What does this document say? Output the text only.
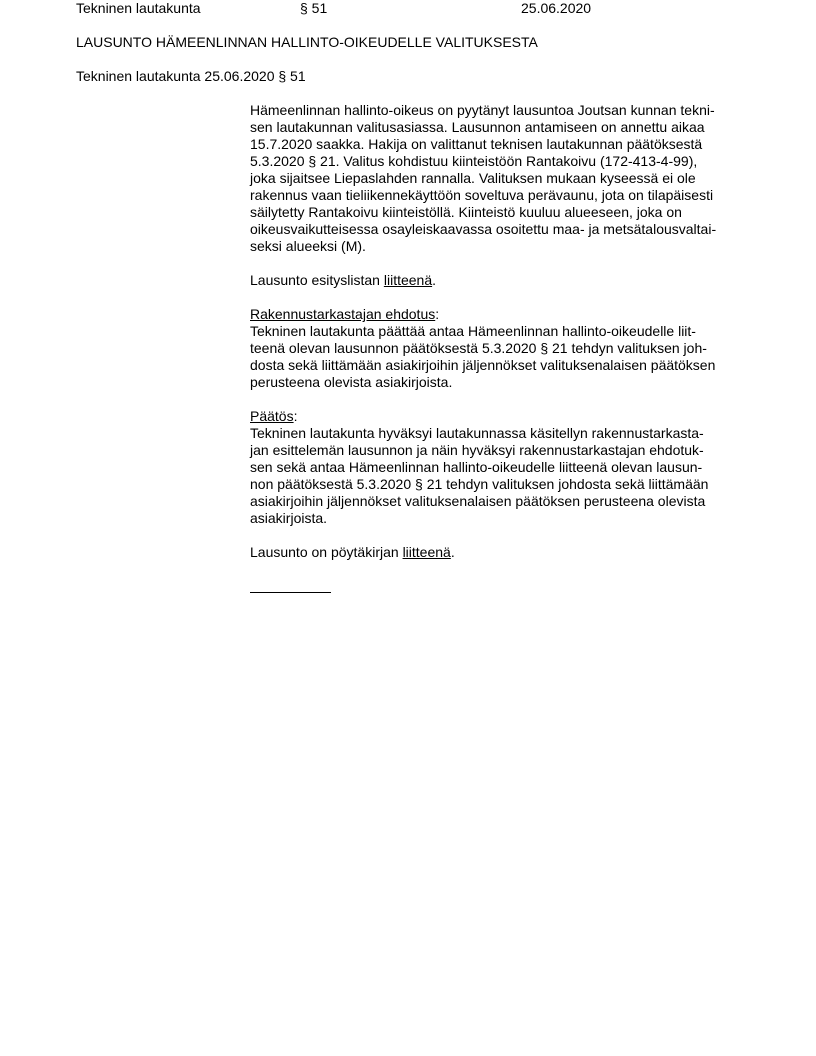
Tekninen lautakunta	§ 51	25.06.2020
LAUSUNTO HÄMEENLINNAN HALLINTO-OIKEUDELLE VALITUKSESTA
Tekninen lautakunta 25.06.2020 § 51

Hämeenlinnan hallinto-oikeus on pyytänyt lausuntoa Joutsan kunnan tekni-
sen lautakunnan valitusasiassa. Lausunnon antamiseen on annettu aikaa
15.7.2020 saakka. Hakija on valittanut teknisen lautakunnan päätöksestä
5.3.2020 § 21. Valitus kohdistuu kiinteistöön Rantakoivu (172-413-4-99),
joka sijaitsee Liepaslahden rannalla. Valituksen mukaan kyseessä ei ole
rakennus vaan tieliikennekäyttöön soveltuva perävaunu, jota on tilapäisesti
säilytetty Rantakoivu kiinteistöllä. Kiinteistö kuuluu alueeseen, joka on
oikeusvaikutteisessa osayleiskaavassa osoitettu maa- ja metsätalousvaltai-
seksi alueeksi (M).

Lausunto esityslistan liitteenä.

Rakennustarkastajan ehdotus:
Tekninen lautakunta päättää antaa Hämeenlinnan hallinto-oikeudelle liit-
teenä olevan lausunnon päätöksestä 5.3.2020 § 21 tehdyn valituksen joh-
dosta sekä liittämään asiakirjoihin jäljennökset valituksenalaisen päätöksen
perusteena olevista asiakirjoista.

Päätös:
Tekninen lautakunta hyväksyi lautakunnassa käsitellyn rakennustarkasta-
jan esittelemän lausunnon ja näin hyväksyi rakennustarkastajan ehdotuk-
sen sekä antaa Hämeenlinnan hallinto-oikeudelle liitteenä olevan lausun-
non päätöksestä 5.3.2020 § 21 tehdyn valituksen johdosta sekä liittämään
asiakirjoihin jäljennökset valituksenalaisen päätöksen perusteena olevista
asiakirjoista.

Lausunto on pöytäkirjan liitteenä.
